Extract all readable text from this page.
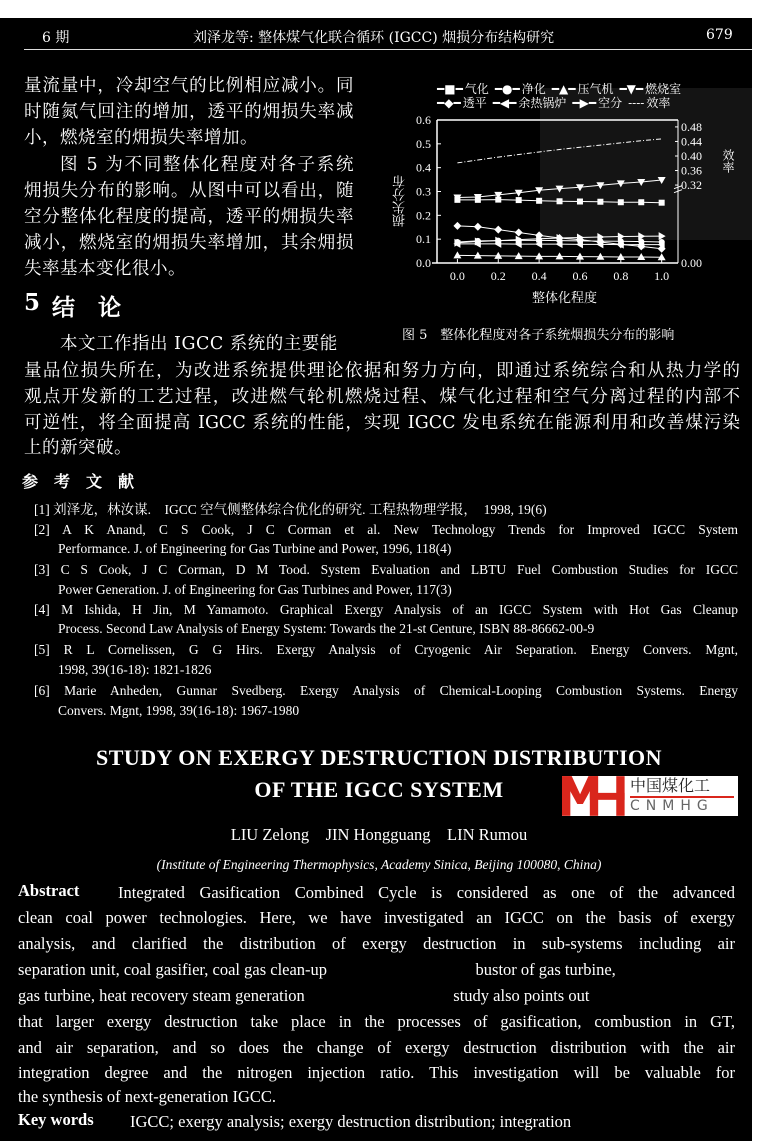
6 期	刘泽龙等: 整体煤气化联合循环 (IGCC) 烟损分布结构研究	679
量流量中，冷却空气的比例相应减小。同
时随氮气回注的增加，透平的㶲损失率减
小，燃烧室的㶲损失率增加。
图 5 为不同整体化程度对各子系统
㶲损失分布的影响。从图中可以看出，随
空分整体化程度的提高，透平的㶲损失率
减小，燃烧室的㶲损失率增加，其余㶲损
失率基本变化很小。
5 结　论
本文工作指出 IGCC 系统的主要能
量品位损失所在，为改进系统提供理论依据和努力方向，即通过系统综合和从热力学的
观点开发新的工艺过程，改进燃气轮机燃烧过程、煤气化过程和空气分离过程的内部不
可逆性，将全面提高 IGCC 系统的性能，实现 IGCC 发电系统在能源利用和改善煤污染
上的新突破。
━■━ 气化 ━●━ 净化 ━▲━ 压气机 ━▼━ 燃烧室
━◆━ 透平 ━◀━ 余热锅炉 ━▶━ 空分 ‐‐‐‐ 效率
0.0
0.1
0.2
0.3
0.4
0.5
0.6
0.0 0.2 0.4 0.6 0.8 1.0
0.00
0.32
0.36
0.40
0.44
0.48
整体化程度
损失分布
效率
图 5　整体化程度对各子系统烟损失分布的影响
参　考　文　献
[1] 刘泽龙，林汝谋.　IGCC 空气侧整体综合优化的研究. 工程热物理学报，　1998, 19(6)
[2] A K Anand, C S Cook, J C Corman et al. New Technology Trends for Improved IGCC System
Performance. J. of Engineering for Gas Turbine and Power, 1996, 118(4)
[3] C S Cook, J C Corman, D M Tood. System Evaluation and LBTU Fuel Combustion Studies for IGCC
Power Generation. J. of Engineering for Gas Turbines and Power, 117(3)
[4] M Ishida, H Jin, M Yamamoto. Graphical Exergy Analysis of an IGCC System with Hot Gas Cleanup
Process. Second Law Analysis of Energy System: Towards the 21-st Centure, ISBN 88-86662-00-9
[5] R L Cornelissen, G G Hirs. Exergy Analysis of Cryogenic Air Separation. Energy Convers. Mgnt,
1998, 39(16-18): 1821-1826
[6] Marie Anheden, Gunnar Svedberg. Exergy Analysis of Chemical-Looping Combustion Systems. Energy
Convers. Mgnt, 1998, 39(16-18): 1967-1980
STUDY ON EXERGY DESTRUCTION DISTRIBUTION
OF THE IGCC SYSTEM
LIU Zelong　JIN Hongguang　LIN Rumou
(Institute of Engineering Thermophysics, Academy Sinica, Beijing 100080, China)
Abstract Integrated Gasification Combined Cycle is considered as one of the advanced
clean coal power technologies. Here, we have investigated an IGCC on the basis of exergy
analysis, and clarified the distribution of exergy destruction in sub-systems including air
separation unit, coal gasifier, coal gas clean-up                                    bustor of gas turbine,
gas turbine, heat recovery steam generation                                    study also points out
that larger exergy destruction take place in the processes of gasification, combustion in GT,
and air separation, and so does the change of exergy destruction distribution with the air
integration degree and the nitrogen injection ratio. This investigation will be valuable for
the synthesis of next-generation IGCC.
Key words IGCC; exergy analysis; exergy destruction distribution; integration
中国煤化工
CNMHG
